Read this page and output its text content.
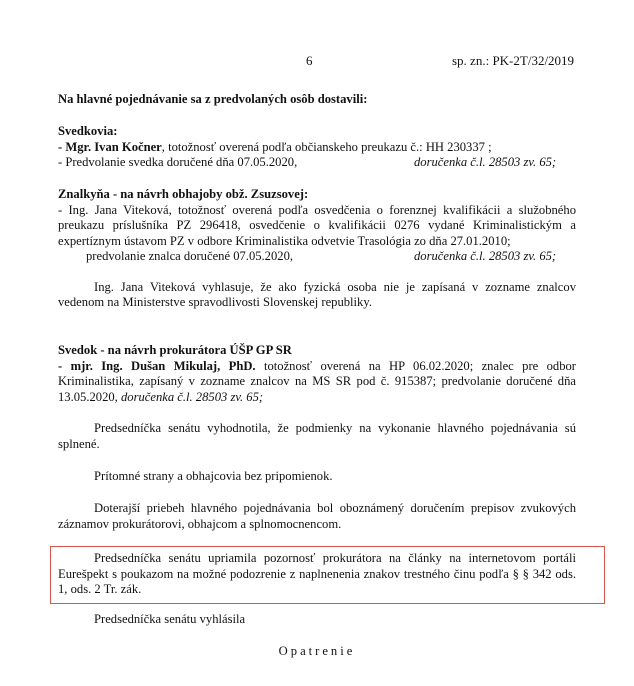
6	sp. zn.: PK-2T/32/2019
Na hlavné pojednávanie sa z predvolaných osôb dostavili:
Svedkovia:
- Mgr. Ivan Kočner, totožnosť overená podľa občianskeho preukazu č.: HH 230337 ;
- Predvolanie svedka doručené dňa 07.05.2020,	doručenka č.l. 28503 zv. 65;
Znalkyňa - na návrh obhajoby obž. Zsuzsovej:
- Ing. Jana Viteková, totožnosť overená podľa osvedčenia o forenznej kvalifikácii a služobného preukazu príslušníka PZ 296418, osvedčenie o kvalifikácii 0276 vydané Kriminalistickým a expertíznym ústavom PZ v odbore Kriminalistika odvetvie Trasológia zo dňa 27.01.2010;
predvolanie znalca doručené 07.05.2020,	doručenka č.l. 28503 zv. 65;
Ing. Jana Viteková vyhlasuje, že ako fyzická osoba nie je zapísaná v zozname znalcov vedenom na Ministerstve spravodlivosti Slovenskej republiky.
Svedok - na návrh prokurátora ÚŠP GP SR
- mjr. Ing. Dušan Mikulaj, PhD. totožnosť overená na HP 06.02.2020; znalec pre odbor Kriminalistika, zapísaný v zozname znalcov na MS SR pod č. 915387; predvolanie doručené dňa 13.05.2020, doručenka č.l. 28503 zv. 65;
Predsedníčka senátu vyhodnotila, že podmienky na vykonanie hlavného pojednávania sú splnené.
Prítomné strany a obhajcovia bez pripomienok.
Doterajší priebeh hlavného pojednávania bol oboznámený doručením prepisov zvukových záznamov prokurátorovi, obhajcom a splnomocnencom.
Predsedníčka senátu upriamila pozornosť prokurátora na články na internetovom portáli Eurešpekt s poukazom na možné podozrenie z naplnenenia znakov trestného činu podľa § § 342 ods. 1, ods. 2 Tr. zák.
Predsedníčka senátu vyhlásila
Opatrenie
